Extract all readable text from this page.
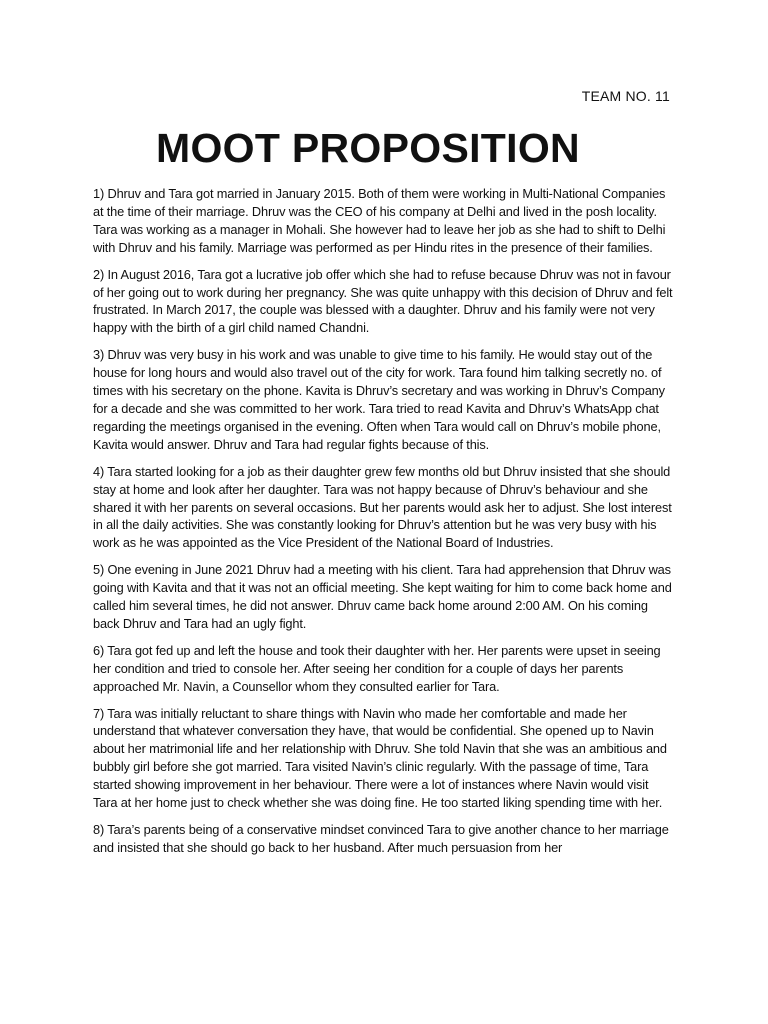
TEAM NO. 11
MOOT PROPOSITION

1) Dhruv and Tara got married in January 2015. Both of them were working in Multi-National Companies at the time of their marriage. Dhruv was the CEO of his company at Delhi and lived in the posh locality. Tara was working as a manager in Mohali. She however had to leave her job as she had to shift to Delhi with Dhruv and his family. Marriage was performed as per Hindu rites in the presence of their families.

2) In August 2016, Tara got a lucrative job offer which she had to refuse because Dhruv was not in favour of her going out to work during her pregnancy. She was quite unhappy with this decision of Dhruv and felt frustrated. In March 2017, the couple was blessed with a daughter. Dhruv and his family were not very happy with the birth of a girl child named Chandni.

3) Dhruv was very busy in his work and was unable to give time to his family. He would stay out of the house for long hours and would also travel out of the city for work. Tara found him talking secretly no. of times with his secretary on the phone. Kavita is Dhruv’s secretary and was working in Dhruv’s Company for a decade and she was committed to her work. Tara tried to read Kavita and Dhruv’s WhatsApp chat regarding the meetings organised in the evening. Often when Tara would call on Dhruv’s mobile phone, Kavita would answer. Dhruv and Tara had regular fights because of this.

4) Tara started looking for a job as their daughter grew few months old but Dhruv insisted that she should stay at home and look after her daughter. Tara was not happy because of Dhruv’s behaviour and she shared it with her parents on several occasions. But her parents would ask her to adjust. She lost interest in all the daily activities. She was constantly looking for Dhruv’s attention but he was very busy with his work as he was appointed as the Vice President of the National Board of Industries.

5) One evening in June 2021 Dhruv had a meeting with his client. Tara had apprehension that Dhruv was going with Kavita and that it was not an official meeting. She kept waiting for him to come back home and called him several times, he did not answer. Dhruv came back home around 2:00 AM. On his coming back Dhruv and Tara had an ugly fight.

6) Tara got fed up and left the house and took their daughter with her. Her parents were upset in seeing her condition and tried to console her. After seeing her condition for a couple of days her parents approached Mr. Navin, a Counsellor whom they consulted earlier for Tara.

7) Tara was initially reluctant to share things with Navin who made her comfortable and made her understand that whatever conversation they have, that would be confidential. She opened up to Navin about her matrimonial life and her relationship with Dhruv. She told Navin that she was an ambitious and bubbly girl before she got married. Tara visited Navin’s clinic regularly. With the passage of time, Tara started showing improvement in her behaviour. There were a lot of instances where Navin would visit Tara at her home just to check whether she was doing fine. He too started liking spending time with her.

8) Tara’s parents being of a conservative mindset convinced Tara to give another chance to her marriage and insisted that she should go back to her husband. After much persuasion from her
